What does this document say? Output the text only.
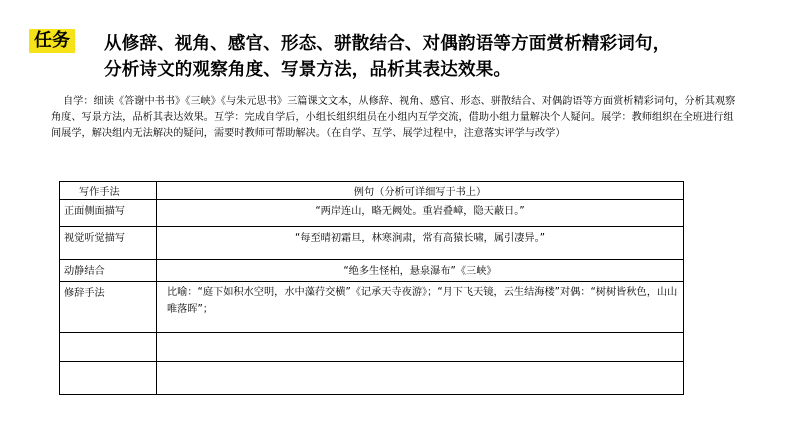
任务 从修辞、视角、感官、形态、骈散结合、对偶韵语等方面赏析精彩词句，
分析诗文的观察角度、写景方法，品析其表达效果。
自学：细读《答谢中书书》《三峡》《与朱元思书》三篇课文文本，从修辞、视角、感官、形态、骈散结合、对偶韵语等方面赏析精彩词句，分析其观察角度、写景方法，品析其表达效果。互学：完成自学后，小组长组织组员在小组内互学交流，借助小组力量解决个人疑问。展学：教师组织在全班进行组间展学，解决组内无法解决的疑问，需要时教师可帮助解决。（在自学、互学、展学过程中，注意落实评学与改学）
写作手法	例句（分析可详细写于书上）
正面侧面描写	“两岸连山，略无阙处。重岩叠嶂，隐天蔽日。”
视觉听觉描写	“每至晴初霜旦，林寒涧肃，常有高猿长啸，属引凄异。”
动静结合	“绝多生怪柏，悬泉瀑布”《三峡》
修辞手法	比喻：“庭下如积水空明，水中藻荇交横”《记承天寺夜游》；“月下飞天镜，云生结海楼”对偶：“树树皆秋色，山山唯落晖”；
